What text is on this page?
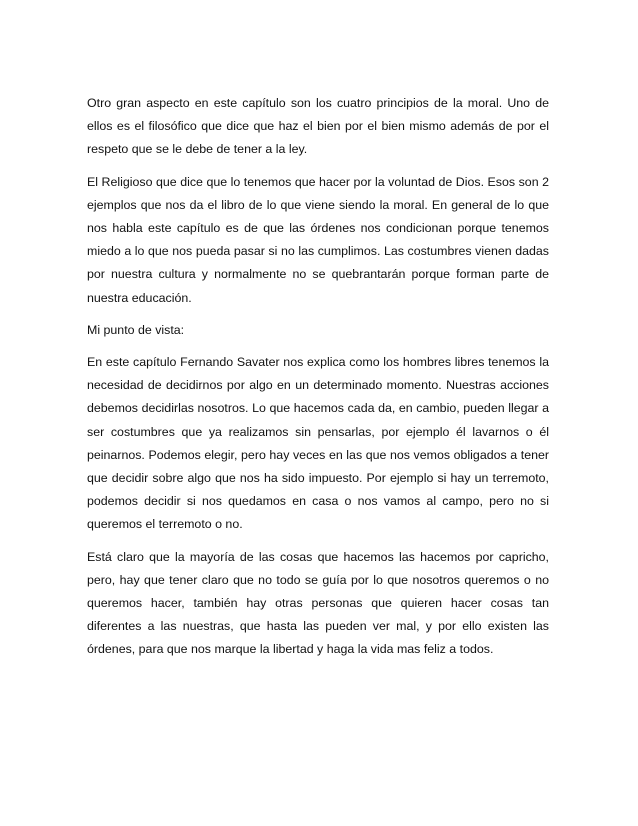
Otro gran aspecto en este capítulo son los cuatro principios de la moral. Uno de ellos es el filosófico que dice que haz el bien por el bien mismo además de por el respeto que se le debe de tener a la ley.

El Religioso que dice que lo tenemos que hacer por la voluntad de Dios. Esos son 2 ejemplos que nos da el libro de lo que viene siendo la moral. En general de lo que nos habla este capítulo es de que las órdenes nos condicionan porque tenemos miedo a lo que nos pueda pasar si no las cumplimos. Las costumbres vienen dadas por nuestra cultura y normalmente no se quebrantarán porque forman parte de nuestra educación.

Mi punto de vista:

En este capítulo Fernando Savater nos explica como los hombres libres tenemos la necesidad de decidirnos por algo en un determinado momento. Nuestras acciones debemos decidirlas nosotros. Lo que hacemos cada da, en cambio, pueden llegar a ser costumbres que ya realizamos sin pensarlas, por ejemplo él lavarnos o él peinarnos. Podemos elegir, pero hay veces en las que nos vemos obligados a tener que decidir sobre algo que nos ha sido impuesto. Por ejemplo si hay un terremoto, podemos decidir si nos quedamos en casa o nos vamos al campo, pero no si queremos el terremoto o no.

Está claro que la mayoría de las cosas que hacemos las hacemos por capricho, pero, hay que tener claro que no todo se guía por lo que nosotros queremos o no queremos hacer, también hay otras personas que quieren hacer cosas tan diferentes a las nuestras, que hasta las pueden ver mal, y por ello existen las órdenes, para que nos marque la libertad y haga la vida mas feliz a todos.
